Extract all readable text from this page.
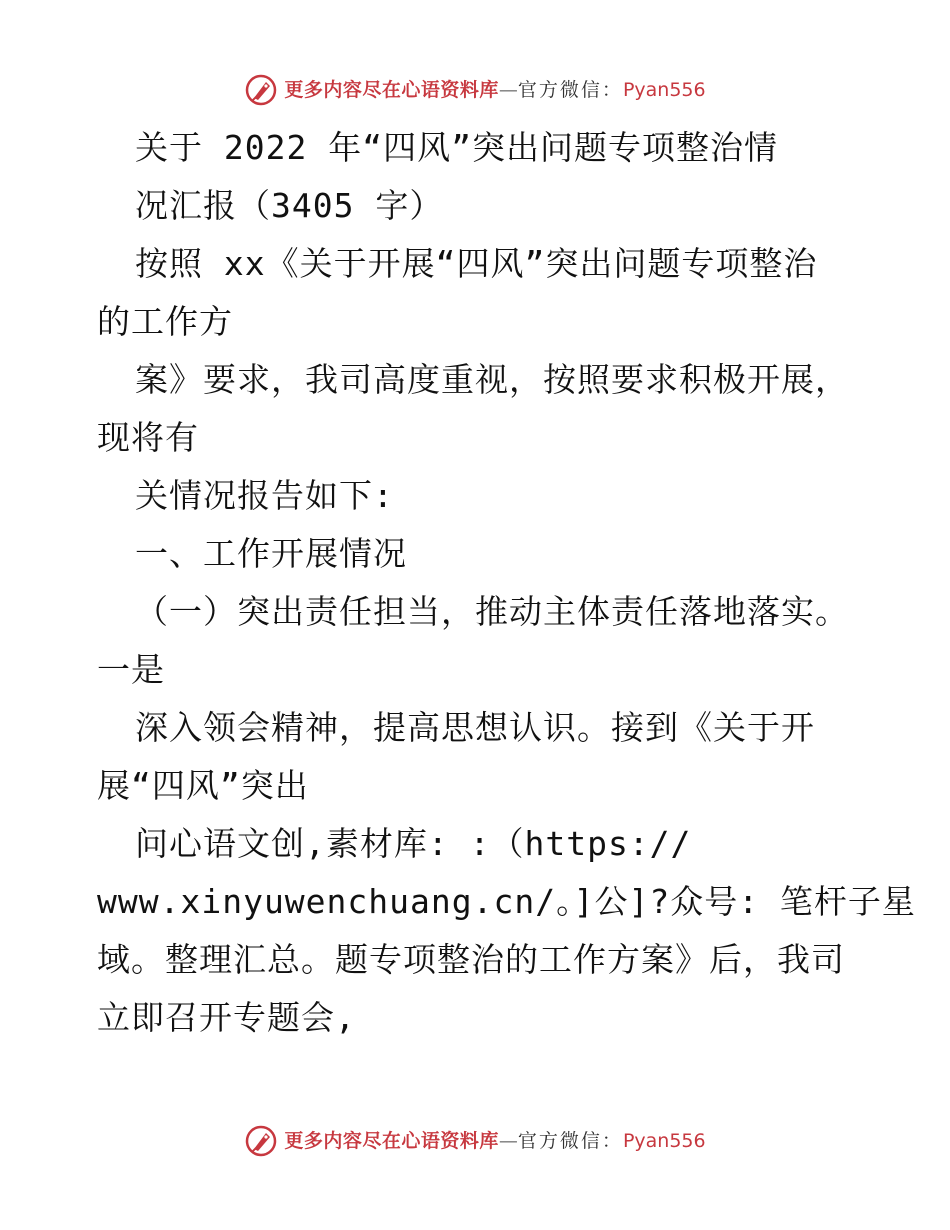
更多内容尽在心语资料库—官方微信：Pyan556
关于 2022 年“四风”突出问题专项整治情
况汇报（3405 字）
按照 xx《关于开展“四风”突出问题专项整治
的工作方
案》要求，我司高度重视，按照要求积极开展，
现将有
关情况报告如下:
一、工作开展情况
（一）突出责任担当，推动主体责任落地落实。
一是
深入领会精神，提高思想认识。接到《关于开
展“四风”突出
问心语文创,素材库: :（https://
www.xinyuwenchuang.cn/。]公]?众号: 笔杆子星
域。整理汇总。题专项整治的工作方案》后，我司
立即召开专题会,
更多内容尽在心语资料库—官方微信：Pyan556
